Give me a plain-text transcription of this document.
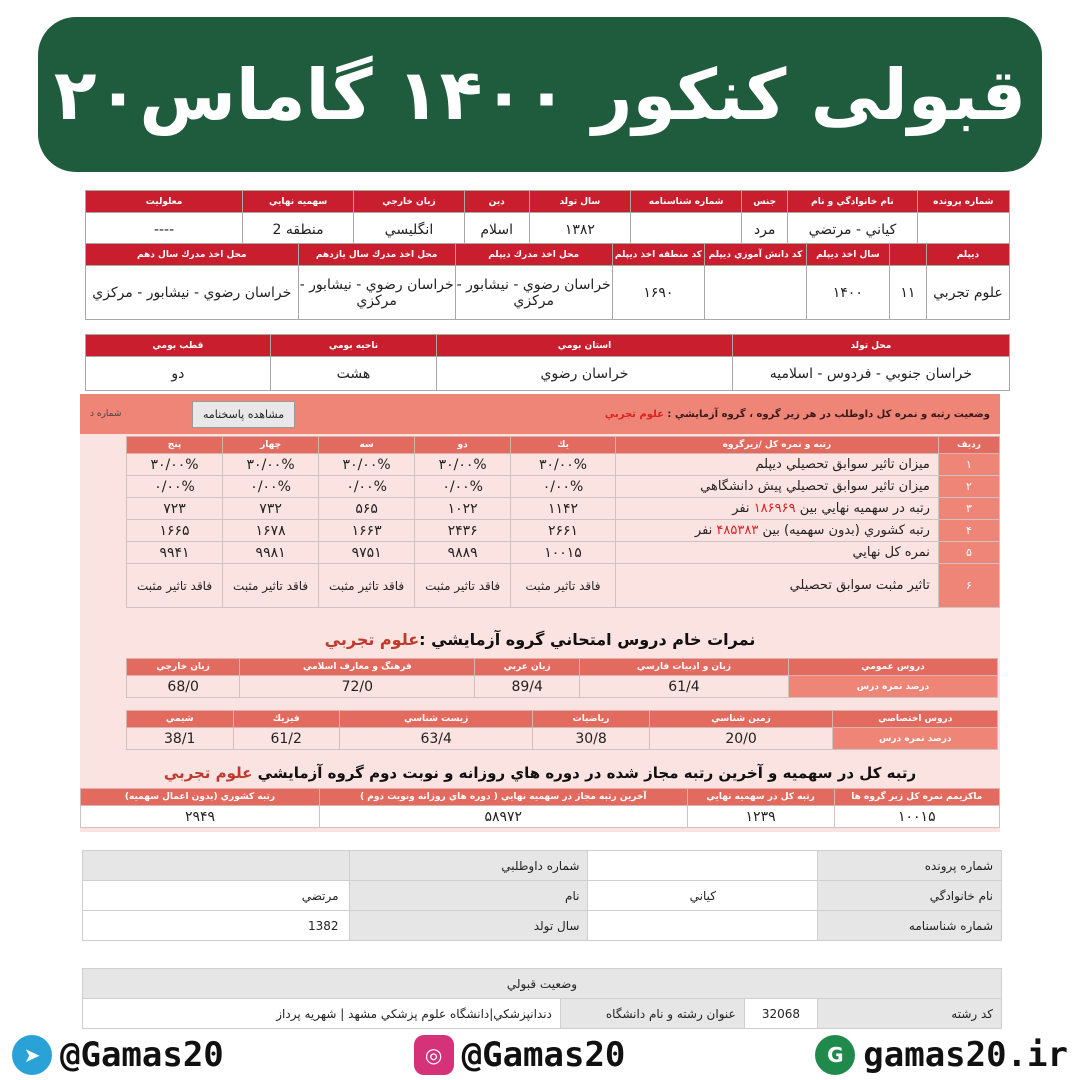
قبولی کنکور ۱۴۰۰ گاماس۲۰
شماره پرونده	نام خانوادگي و نام	جنس	شماره شناسنامه	سال تولد	دين	زبان خارجي	سهميه نهايي	معلوليت
	كياني - مرتضي	مرد		۱۳۸۲	اسلام	انگليسي	منطقه 2	----
ديپلم		سال اخذ ديپلم	كد دانش آموزي ديپلم	كد منطقه اخذ ديپلم	محل اخذ مدرك ديپلم	محل اخذ مدرك سال يازدهم	محل اخذ مدرك سال دهم
علوم تجربي	۱۱	۱۴۰۰		۱۶۹۰	خراسان رضوي - نيشابور - مركزي	خراسان رضوي - نيشابور - مركزي	خراسان رضوي - نيشابور - مركزي
محل تولد	استان بومي	ناحيه بومي	قطب بومي
خراسان جنوبي - فردوس - اسلاميه	خراسان رضوي	هشت	دو
وضعيت رتبه و نمره كل داوطلب در هر زير گروه ، گروه آزمايشي : علوم تجربي
مشاهده پاسخنامه
شماره د
رديف	رتبه و نمره كل /زيرگروه	يك	دو	سه	چهار	پنج
۱	ميزان تاثير سوابق تحصيلي ديپلم	۳۰/۰۰%	۳۰/۰۰%	۳۰/۰۰%	۳۰/۰۰%	۳۰/۰۰%
۲	ميزان تاثير سوابق تحصيلي پيش دانشگاهي	۰/۰۰%	۰/۰۰%	۰/۰۰%	۰/۰۰%	۰/۰۰%
۳	رتبه در سهميه نهايي بين ۱۸۶۹۶۹ نفر	۱۱۴۲	۱۰۲۲	۵۶۵	۷۳۲	۷۲۳
۴	رتبه كشوري (بدون سهميه) بين ۴۸۵۳۸۳ نفر	۲۶۶۱	۲۴۳۶	۱۶۶۳	۱۶۷۸	۱۶۶۵
۵	نمره كل نهايي	۱۰۰۱۵	۹۸۸۹	۹۷۵۱	۹۹۸۱	۹۹۴۱
۶	تاثير مثبت سوابق تحصيلي	فاقد تاثير مثبت	فاقد تاثير مثبت	فاقد تاثير مثبت	فاقد تاثير مثبت	فاقد تاثير مثبت
نمرات خام دروس امتحاني گروه آزمايشي :علوم تجربي
دروس عمومي	زبان و ادبيات فارسي	زبان عربي	فرهنگ و معارف اسلامي	زبان خارجي
درصد نمره درس	61/4	89/4	72/0	68/0
دروس اختصاصي	زمين شناسي	رياضيات	زيست شناسي	فيزيك	شيمي
درصد نمره درس	20/0	30/8	63/4	61/2	38/1
رتبه كل در سهميه و آخرين رتبه مجاز شده در دوره هاي روزانه و نوبت دوم گروه آزمايشي علوم تجربي
ماكزيمم نمره كل زير گروه ها	رتبه كل در سهميه نهايي	آخرين رتبه مجاز در سهميه نهايي ( دوره هاي روزانه ونوبت دوم )	رتبه كشوري (بدون اعمال سهميه)
۱۰۰۱۵	۱۲۳۹	۵۸۹۷۲	۲۹۴۹
شماره پرونده		شماره داوطلبي	
نام خانوادگي	كياني	نام	مرتضي
شماره شناسنامه		سال تولد	1382
وضعيت قبولي
كد رشته	32068	عنوان رشته و نام دانشگاه	دندانپزشكي|دانشگاه علوم پزشكي مشهد | شهريه پرداز
➤ @Gamas20	◎ @Gamas20	G gamas20.ir
